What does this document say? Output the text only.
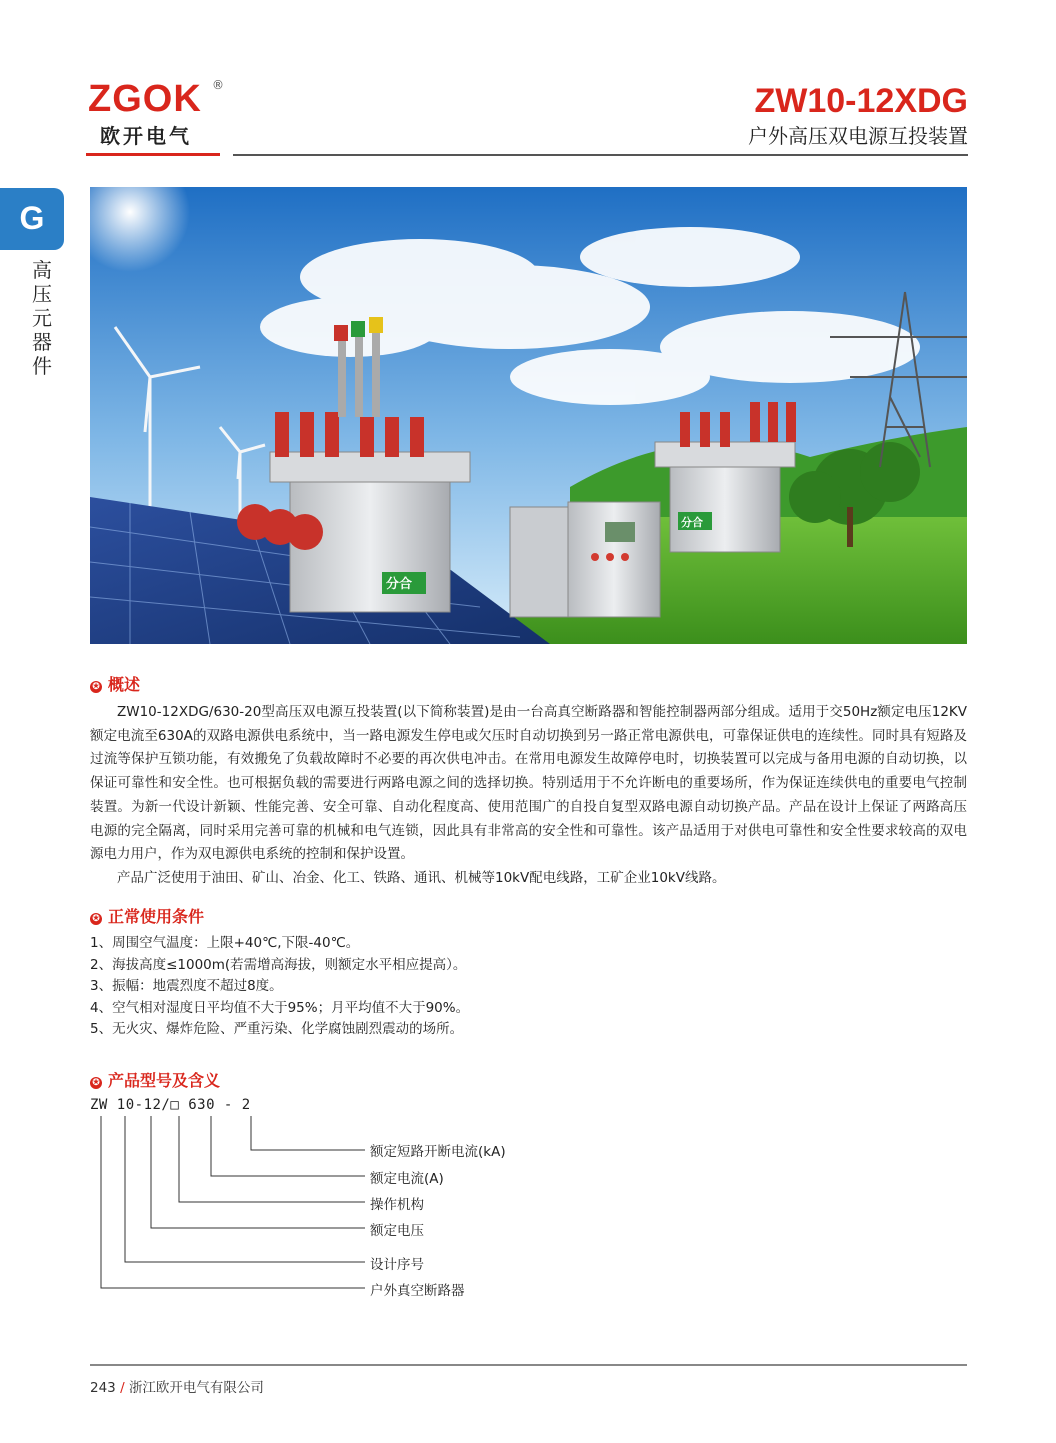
ZGOK ®
欧开电气
ZW10-12XDG
户外高压双电源互投装置
G
高压元器件
分合
分合
✪ 概述

ZW10-12XDG/630-20型高压双电源互投装置(以下简称装置)是由一台高真空断路器和智能控制器两部分组成。适用于交50Hz额定电压12KV额定电流至630A的双路电源供电系统中，当一路电源发生停电或欠压时自动切换到另一路正常电源供电，可靠保证供电的连续性。同时具有短路及过流等保护互锁功能，有效搬免了负载故障时不必要的再次供电冲击。在常用电源发生故障停电时，切换装置可以完成与备用电源的自动切换，以保证可靠性和安全性。也可根据负载的需要进行两路电源之间的选择切换。特别适用于不允许断电的重要场所，作为保证连续供电的重要电气控制装置。为新一代设计新颖、性能完善、安全可靠、自动化程度高、使用范围广的自投自复型双路电源自动切换产品。产品在设计上保证了两路高压电源的完全隔离，同时采用完善可靠的机械和电气连锁，因此具有非常高的安全性和可靠性。该产品适用于对供电可靠性和安全性要求较高的双电源电力用户，作为双电源供电系统的控制和保护设置。

产品广泛使用于油田、矿山、冶金、化工、铁路、通讯、机械等10kV配电线路，工矿企业10kV线路。

✪ 正常使用条件
1、周围空气温度：上限+40℃,下限-40℃。
2、海拔高度≤1000m(若需增高海拔，则额定水平相应提高）。
3、振幅：地震烈度不超过8度。
4、空气相对湿度日平均值不大于95%；月平均值不大于90%。
5、无火灾、爆炸危险、严重污染、化学腐蚀剧烈震动的场所。
✪ 产品型号及含义
ZW 10-12/□ 630 - 2
额定短路开断电流(kA)
额定电流(A)
操作机构
额定电压
设计序号
户外真空断路器
243 / 浙江欧开电气有限公司
